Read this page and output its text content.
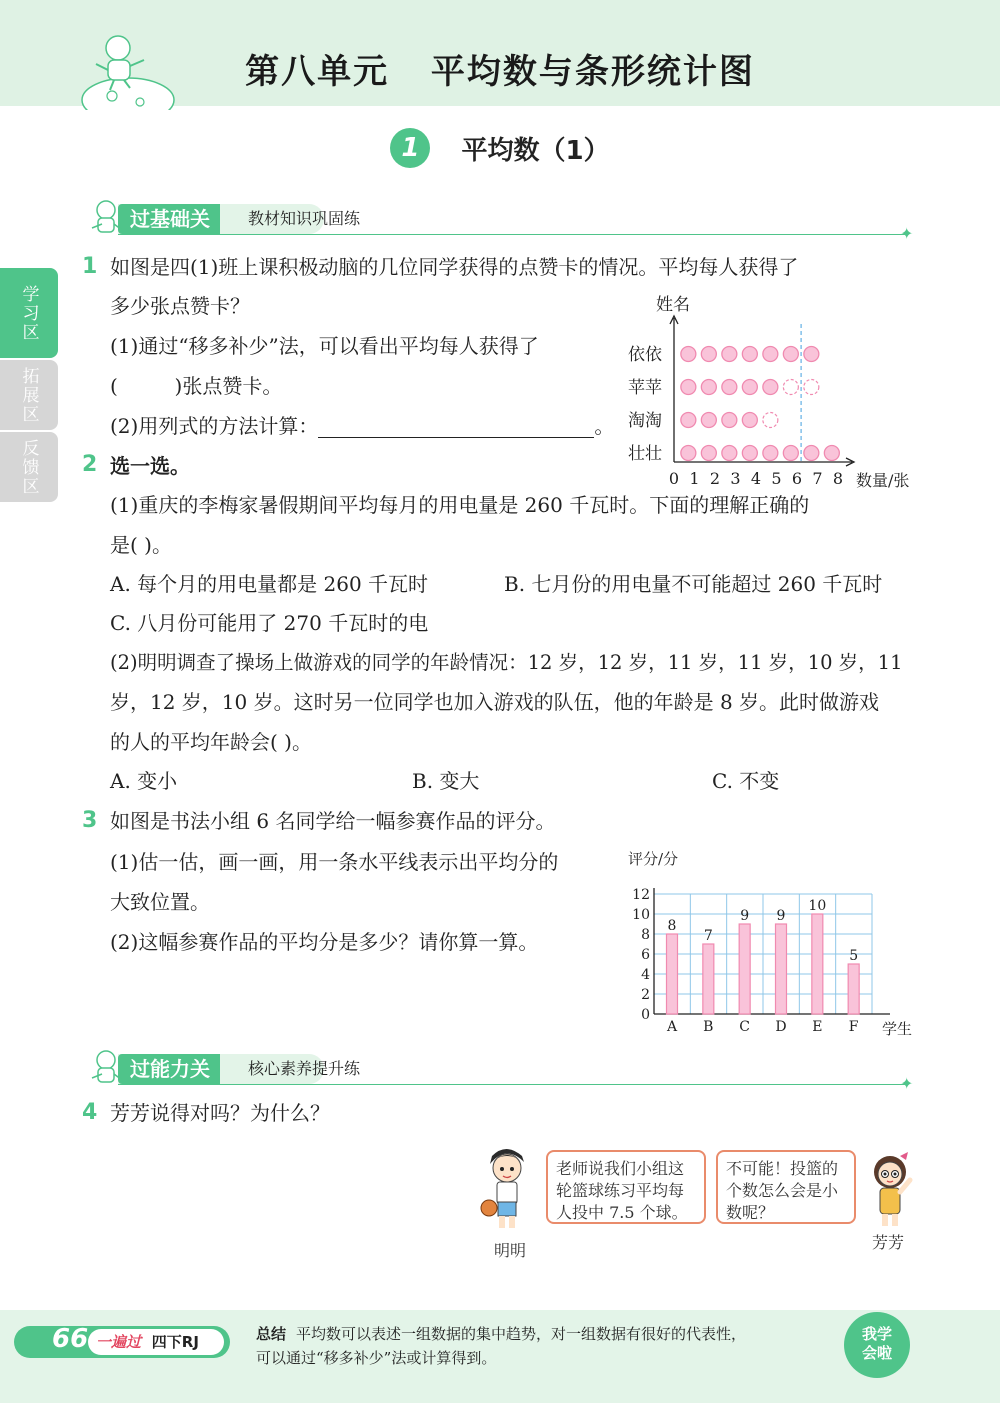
第八单元 平均数与条形统计图
1 平均数（1）
学习区
拓展区
反馈区
过基础关	教材知识巩固练
✦
1 如图是四(1)班上课积极动脑的几位同学获得的点赞卡的情况。平均每人获得了
多少张点赞卡？
(1)通过“移多补少”法，可以看出平均每人获得了
(	)张点赞卡。
(2)用列式的方法计算：	。
姓名
0 1 2 3 4 5 6 7 8 数量/张
依依
苹苹
淘淘
壮壮
2 选一选。
(1)重庆的李梅家暑假期间平均每月的用电量是 260 千瓦时。下面的理解正确的
是( )。
A. 每个月的用电量都是 260 千瓦时	B. 七月份的用电量不可能超过 260 千瓦时
C. 八月份可能用了 270 千瓦时的电
(2)明明调查了操场上做游戏的同学的年龄情况：12 岁，12 岁，11 岁，11 岁，10 岁，11
岁，12 岁，10 岁。这时另一位同学也加入游戏的队伍，他的年龄是 8 岁。此时做游戏
的人的平均年龄会( )。
A. 变小	B. 变大	C. 不变
3 如图是书法小组 6 名同学给一幅参赛作品的评分。
(1)估一估，画一画，用一条水平线表示出平均分的
大致位置。
(2)这幅参赛作品的平均分是多少？请你算一算。
评分/分
0
2
4
6
8
10
12
学生
8
A
7
B
9
C
9
D
10
E
5
F
过能力关	核心素养提升练
✦
4 芳芳说得对吗？为什么？
老师说我们小组这轮篮球练习平均每人投中 7.5 个球。
不可能！投篮的个数怎么会是小数呢？
明明	芳芳
66 一遍过 四下RJ	总结 平均数可以表述一组数据的集中趋势，对一组数据有很好的代表性，
可以通过“移多补少”法或计算得到。
我学
会啦
